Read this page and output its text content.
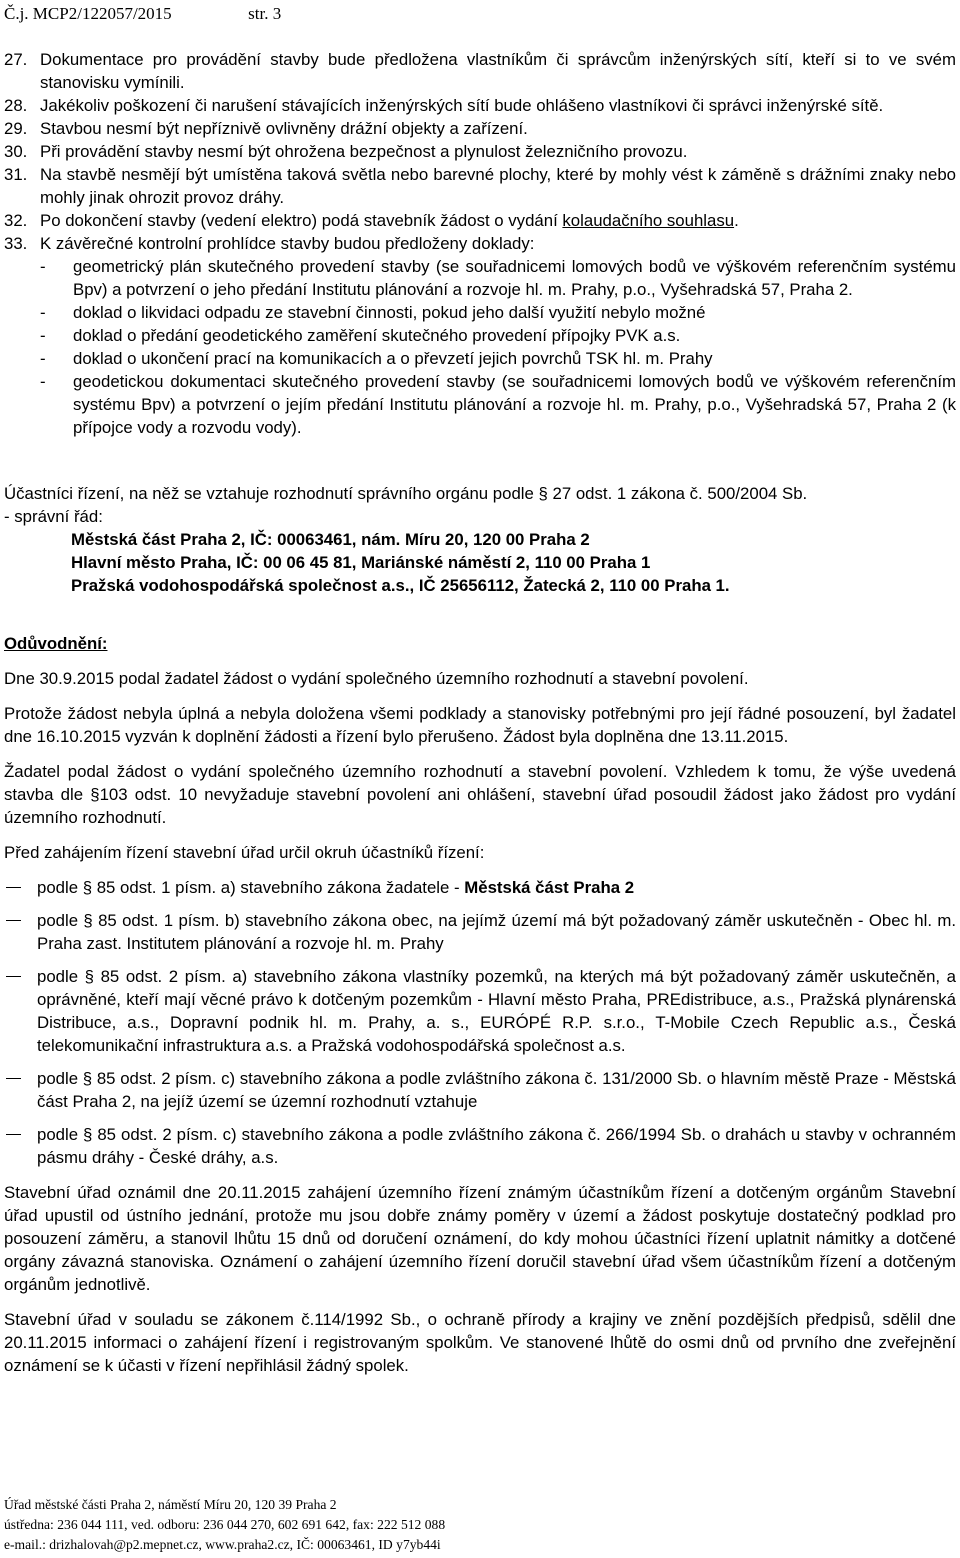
Č.j. MCP2/122057/2015	str. 3
27. Dokumentace pro provádění stavby bude předložena vlastníkům či správcům inženýrských sítí, kteří si to ve svém stanovisku vymínili.
28. Jakékoliv poškození či narušení stávajících inženýrských sítí bude ohlášeno vlastníkovi či správci inženýrské sítě.
29. Stavbou nesmí být nepříznivě ovlivněny drážní objekty a zařízení.
30. Při provádění stavby nesmí být ohrožena bezpečnost a plynulost železničního provozu.
31. Na stavbě nesmějí být umístěna taková světla nebo barevné plochy, které by mohly vést k záměně s drážními znaky nebo mohly jinak ohrozit provoz dráhy.
32. Po dokončení stavby (vedení elektro) podá stavebník žádost o vydání kolaudačního souhlasu.
33. K závěrečné kontrolní prohlídce stavby budou předloženy doklady:
-	geometrický plán skutečného provedení stavby (se souřadnicemi lomových bodů ve výškovém referenčním systému Bpv) a potvrzení o jeho předání Institutu plánování a rozvoje hl. m. Prahy, p.o., Vyšehradská 57, Praha 2.
-	doklad o likvidaci odpadu ze stavební činnosti, pokud jeho další využití nebylo možné
-	doklad o předání geodetického zaměření skutečného provedení přípojky PVK a.s.
-	doklad o ukončení prací na komunikacích a o převzetí jejich povrchů TSK hl. m. Prahy
-	geodetickou dokumentaci skutečného provedení stavby (se souřadnicemi lomových bodů ve výškovém referenčním systému Bpv) a potvrzení o jejím předání Institutu plánování a rozvoje hl. m. Prahy, p.o., Vyšehradská 57, Praha 2 (k přípojce vody a rozvodu vody).

Účastníci řízení, na něž se vztahuje rozhodnutí správního orgánu podle § 27 odst. 1 zákona č. 500/2004 Sb.

- správní řád:

Městská část Praha 2, IČ: 00063461, nám. Míru 20, 120 00 Praha 2
Hlavní město Praha, IČ: 00 06 45 81, Mariánské náměstí 2, 110 00 Praha 1
Pražská vodohospodářská společnost a.s., IČ 25656112, Žatecká 2, 110 00 Praha 1.

Odůvodnění:

Dne 30.9.2015 podal žadatel žádost o vydání společného územního rozhodnutí a stavební povolení.

Protože žádost nebyla úplná a nebyla doložena všemi podklady a stanovisky potřebnými pro její řádné posouzení, byl žadatel dne 16.10.2015 vyzván k doplnění žádosti a řízení bylo přerušeno. Žádost byla doplněna dne 13.11.2015.

Žadatel podal žádost o vydání společného územního rozhodnutí a stavební povolení. Vzhledem k tomu, že výše uvedená stavba dle §103 odst. 10 nevyžaduje stavební povolení ani ohlášení, stavební úřad posoudil žádost jako žádost pro vydání územního rozhodnutí.

Před zahájením řízení stavební úřad určil okruh účastníků řízení:

podle § 85 odst. 1 písm. a) stavebního zákona žadatele - Městská část Praha 2
podle § 85 odst. 1 písm. b) stavebního zákona obec, na jejímž území má být požadovaný záměr uskutečněn - Obec hl. m. Praha zast. Institutem plánování a rozvoje hl. m. Prahy
podle § 85 odst. 2 písm. a) stavebního zákona vlastníky pozemků, na kterých má být požadovaný záměr uskutečněn, a oprávněné, kteří mají věcné právo k dotčeným pozemkům - Hlavní město Praha, PREdistribuce, a.s., Pražská plynárenská Distribuce, a.s., Dopravní podnik hl. m. Prahy, a. s., EURÓPÉ R.P. s.r.o., T-Mobile Czech Republic a.s., Česká telekomunikační infrastruktura a.s. a Pražská vodohospodářská společnost a.s.
podle § 85 odst. 2 písm. c) stavebního zákona a podle zvláštního zákona č. 131/2000 Sb. o hlavním městě Praze - Městská část Praha 2, na jejíž území se územní rozhodnutí vztahuje
podle § 85 odst. 2 písm. c) stavebního zákona a podle zvláštního zákona č. 266/1994 Sb. o drahách u stavby v ochranném pásmu dráhy - České dráhy, a.s.

Stavební úřad oznámil dne 20.11.2015 zahájení územního řízení známým účastníkům řízení a dotčeným orgánům Stavební úřad upustil od ústního jednání, protože mu jsou dobře známy poměry v území a žádost poskytuje dostatečný podklad pro posouzení záměru, a stanovil lhůtu 15 dnů od doručení oznámení, do kdy mohou účastníci řízení uplatnit námitky a dotčené orgány závazná stanoviska. Oznámení o zahájení územního řízení doručil stavební úřad všem účastníkům řízení a dotčeným orgánům jednotlivě.

Stavební úřad v souladu se zákonem č.114/1992 Sb., o ochraně přírody a krajiny ve znění pozdějších předpisů, sdělil dne 20.11.2015 informaci o zahájení řízení i registrovaným spolkům. Ve stanovené lhůtě do osmi dnů od prvního dne zveřejnění oznámení se k účasti v řízení nepřihlásil žádný spolek.

Úřad městské části Praha 2, náměstí Míru 20, 120 39 Praha 2
ústředna: 236 044 111, ved. odboru: 236 044 270, 602 691 642, fax: 222 512 088
e-mail.: drizhalovah@p2.mepnet.cz, www.praha2.cz, IČ: 00063461, ID y7yb44i
